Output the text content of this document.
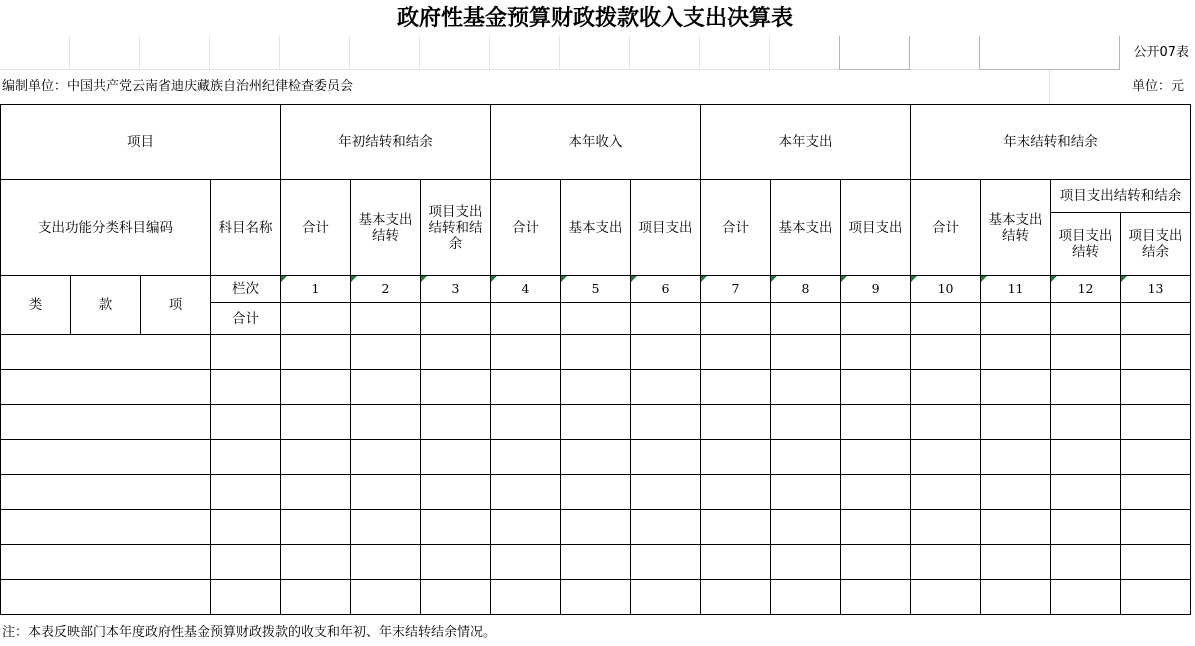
政府性基金预算财政拨款收入支出决算表
公开07表
编制单位：中国共产党云南省迪庆藏族自治州纪律检查委员会	单位：元
项目				年初结转和结余			本年收入			本年支出			年末结转和结余			
支出功能分类科目编码			科目名称	合计	基本支出结转	项目支出结转和结余	合计	基本支出	项目支出	合计	基本支出	项目支出	合计	基本支出结转	项目支出结转和结余	
															项目支出结转	项目支出结余
类	款	项	栏次	1	2	3	4	5	6	7	8	9	10	11	12	13
			合计													

注：本表反映部门本年度政府性基金预算财政拨款的收支和年初、年末结转结余情况。
